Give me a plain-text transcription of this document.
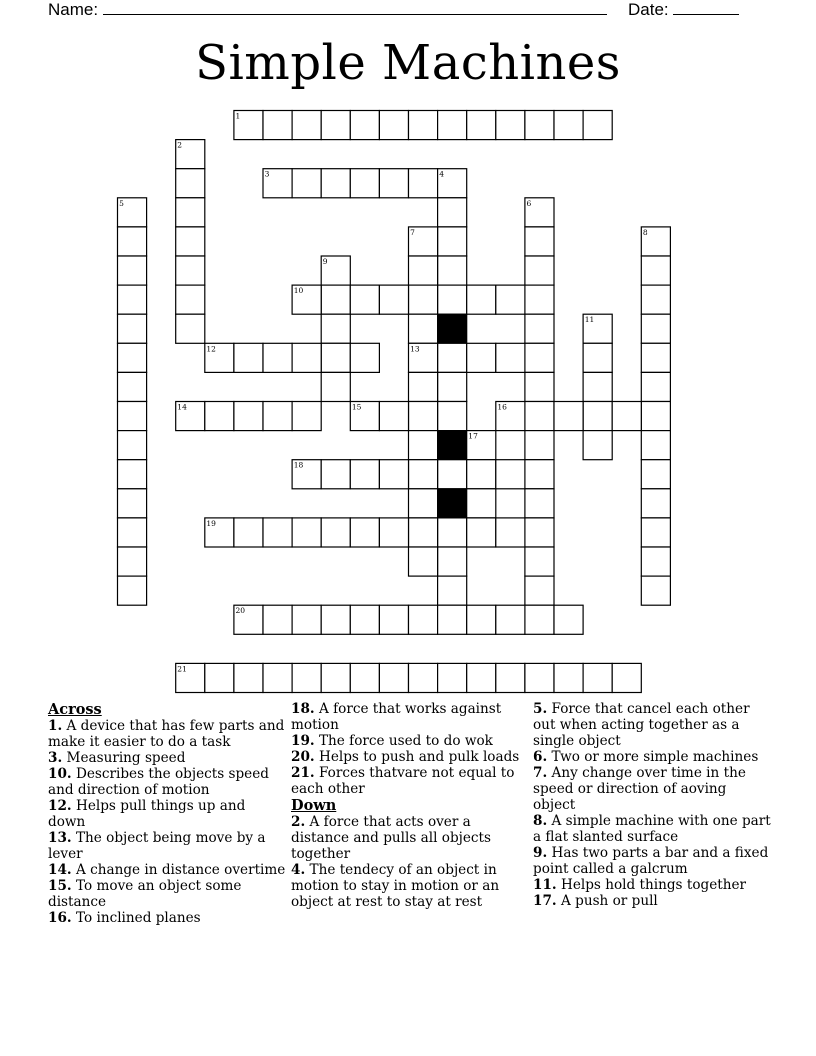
Name:	Date:
Simple Machines
1
2
3	4
5	6
7
13
8
9
10
11
12
14	15	16
17
18
19
20
21
Across
1. A device that has few parts and make it easier to do a task
3. Measuring speed
10. Describes the objects speed and direction of motion
12. Helps pull things up and down
13. The object being move by a lever
14. A change in distance overtime
15. To move an object some distance
16. To inclined planes
18. A force that works against motion
19. The force used to do wok
20. Helps to push and pulk loads
21. Forces thatvare not equal to each other
Down
2. A force that acts over a distance and pulls all objects together
4. The tendecy of an object in motion to stay in motion or an object at rest to stay at rest
5. Force that cancel each other out when acting together as a single object
6. Two or more simple machines
7. Any change over time in the speed or direction of aoving object
8. A simple machine with one part a flat slanted surface
9. Has two parts a bar and a fixed point called a galcrum
11. Helps hold things together
17. A push or pull
